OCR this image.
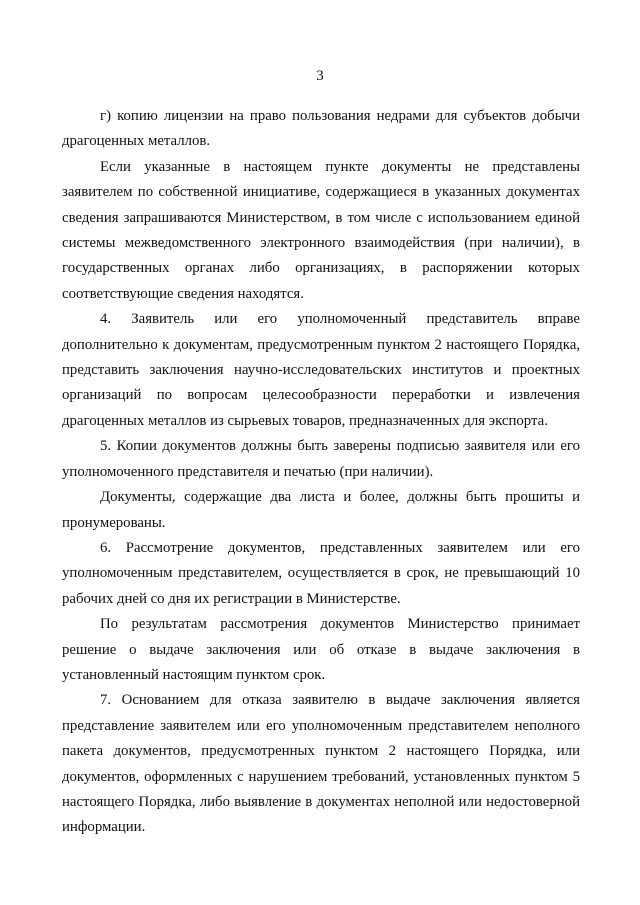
3

г) копию лицензии на право пользования недрами для субъектов добычи драгоценных металлов.

Если указанные в настоящем пункте документы не представлены заявителем по собственной инициативе, содержащиеся в указанных документах сведения запрашиваются Министерством, в том числе с использованием единой системы межведомственного электронного взаимодействия (при наличии), в государственных органах либо организациях, в распоряжении которых соответствующие сведения находятся.

4. Заявитель или его уполномоченный представитель вправе дополнительно к документам, предусмотренным пунктом 2 настоящего Порядка, представить заключения научно-исследовательских институтов и проектных организаций по вопросам целесообразности переработки и извлечения драгоценных металлов из сырьевых товаров, предназначенных для экспорта.

5. Копии документов должны быть заверены подписью заявителя или его уполномоченного представителя и печатью (при наличии).

Документы, содержащие два листа и более, должны быть прошиты и пронумерованы.

6. Рассмотрение документов, представленных заявителем или его уполномоченным представителем, осуществляется в срок, не превышающий 10 рабочих дней со дня их регистрации в Министерстве.

По результатам рассмотрения документов Министерство принимает решение о выдаче заключения или об отказе в выдаче заключения в установленный настоящим пунктом срок.

7. Основанием для отказа заявителю в выдаче заключения является представление заявителем или его уполномоченным представителем неполного пакета документов, предусмотренных пунктом 2 настоящего Порядка, или документов, оформленных с нарушением требований, установленных пунктом 5 настоящего Порядка, либо выявление в документах неполной или недостоверной информации.
